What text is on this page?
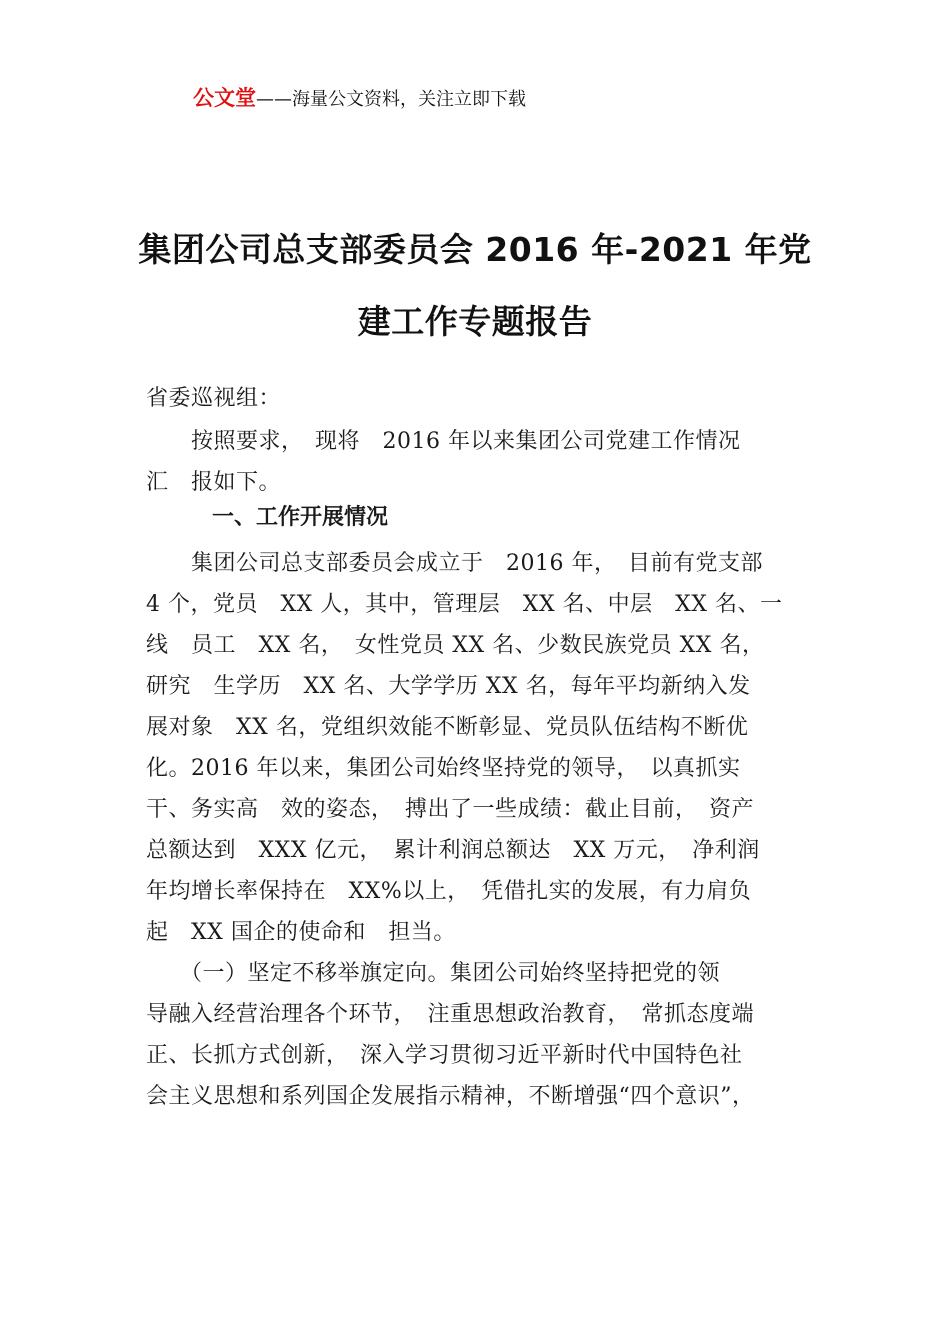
公文堂——海量公文资料，关注立即下载
集团公司总支部委员会 2016 年-2021 年党
建工作专题报告
省委巡视组：
　　按照要求，　现将　2016 年以来集团公司党建工作情况
汇　报如下。
一、工作开展情况
　　集团公司总支部委员会成立于　2016 年，　目前有党支部
4 个，党员　XX 人，其中，管理层　XX 名、中层　XX 名、一
线　员工　XX 名，　女性党员 XX 名、少数民族党员 XX 名，
研究　生学历　XX 名、大学学历 XX 名，每年平均新纳入发
展对象　XX 名，党组织效能不断彰显、党员队伍结构不断优
化。2016 年以来，集团公司始终坚持党的领导，　以真抓实
干、务实高　效的姿态，　搏出了一些成绩：截止目前，　资产
总额达到　XXX 亿元，　累计利润总额达　XX 万元，　净利润
年均增长率保持在　XX%以上，　凭借扎实的发展，有力肩负
起　XX 国企的使命和　担当。
　　（一）坚定不移举旗定向。集团公司始终坚持把党的领
导融入经营治理各个环节，　注重思想政治教育，　常抓态度端
正、长抓方式创新，　深入学习贯彻习近平新时代中国特色社
会主义思想和系列国企发展指示精神，不断增强“四个意识”，
